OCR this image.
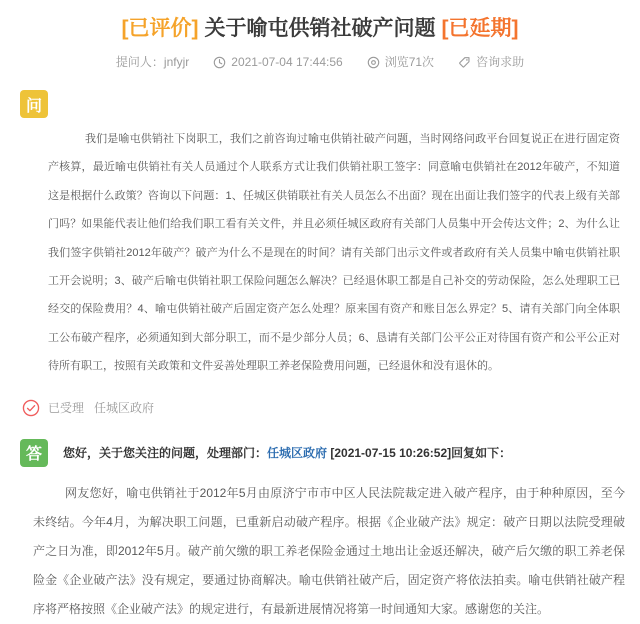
[已评价] 关于喻屯供销社破产问题 [已延期]
提问人：jnfyjr	2021-07-04 17:44:56	浏览71次	咨询求助
问

我们是喻屯供销社下岗职工，我们之前咨询过喻屯供销社破产问题，当时网络问政平台回复说正在进行固定资产核算，最近喻屯供销社有关人员通过个人联系方式让我们供销社职工签字：同意喻屯供销社在2012年破产，不知道这是根据什么政策？咨询以下问题：1、任城区供销联社有关人员怎么不出面？现在出面让我们签字的代表上级有关部门吗？如果能代表让他们给我们职工看有关文件，并且必须任城区政府有关部门人员集中开会传达文件；2、为什么让我们签字供销社2012年破产？破产为什么不是现在的时间？请有关部门出示文件或者政府有关人员集中喻屯供销社职工开会说明；3、破产后喻屯供销社职工保险问题怎么解决？已经退休职工都是自己补交的劳动保险，怎么处理职工已经交的保险费用？4、喻屯供销社破产后固定资产怎么处理？原来国有资产和账目怎么界定？5、请有关部门向全体职工公布破产程序，必须通知到大部分职工，而不是少部分人员；6、恳请有关部门公平公正对待国有资产和公平公正对待所有职工，按照有关政策和文件妥善处理职工养老保险费用问题，已经退休和没有退休的。

已受理 任城区政府
答	您好，关于您关注的问题，处理部门：任城区政府 [2021-07-15 10:26:52]回复如下：

网友您好，喻屯供销社于2012年5月由原济宁市市中区人民法院裁定进入破产程序，由于种种原因，至今未终结。今年4月，为解决职工问题，已重新启动破产程序。根据《企业破产法》规定：破产日期以法院受理破产之日为准，即2012年5月。破产前欠缴的职工养老保险金通过土地出让金返还解决，破产后欠缴的职工养老保险金《企业破产法》没有规定，要通过协商解决。喻屯供销社破产后，固定资产将依法拍卖。喻屯供销社破产程序将严格按照《企业破产法》的规定进行，有最新进展情况将第一时间通知大家。感谢您的关注。
